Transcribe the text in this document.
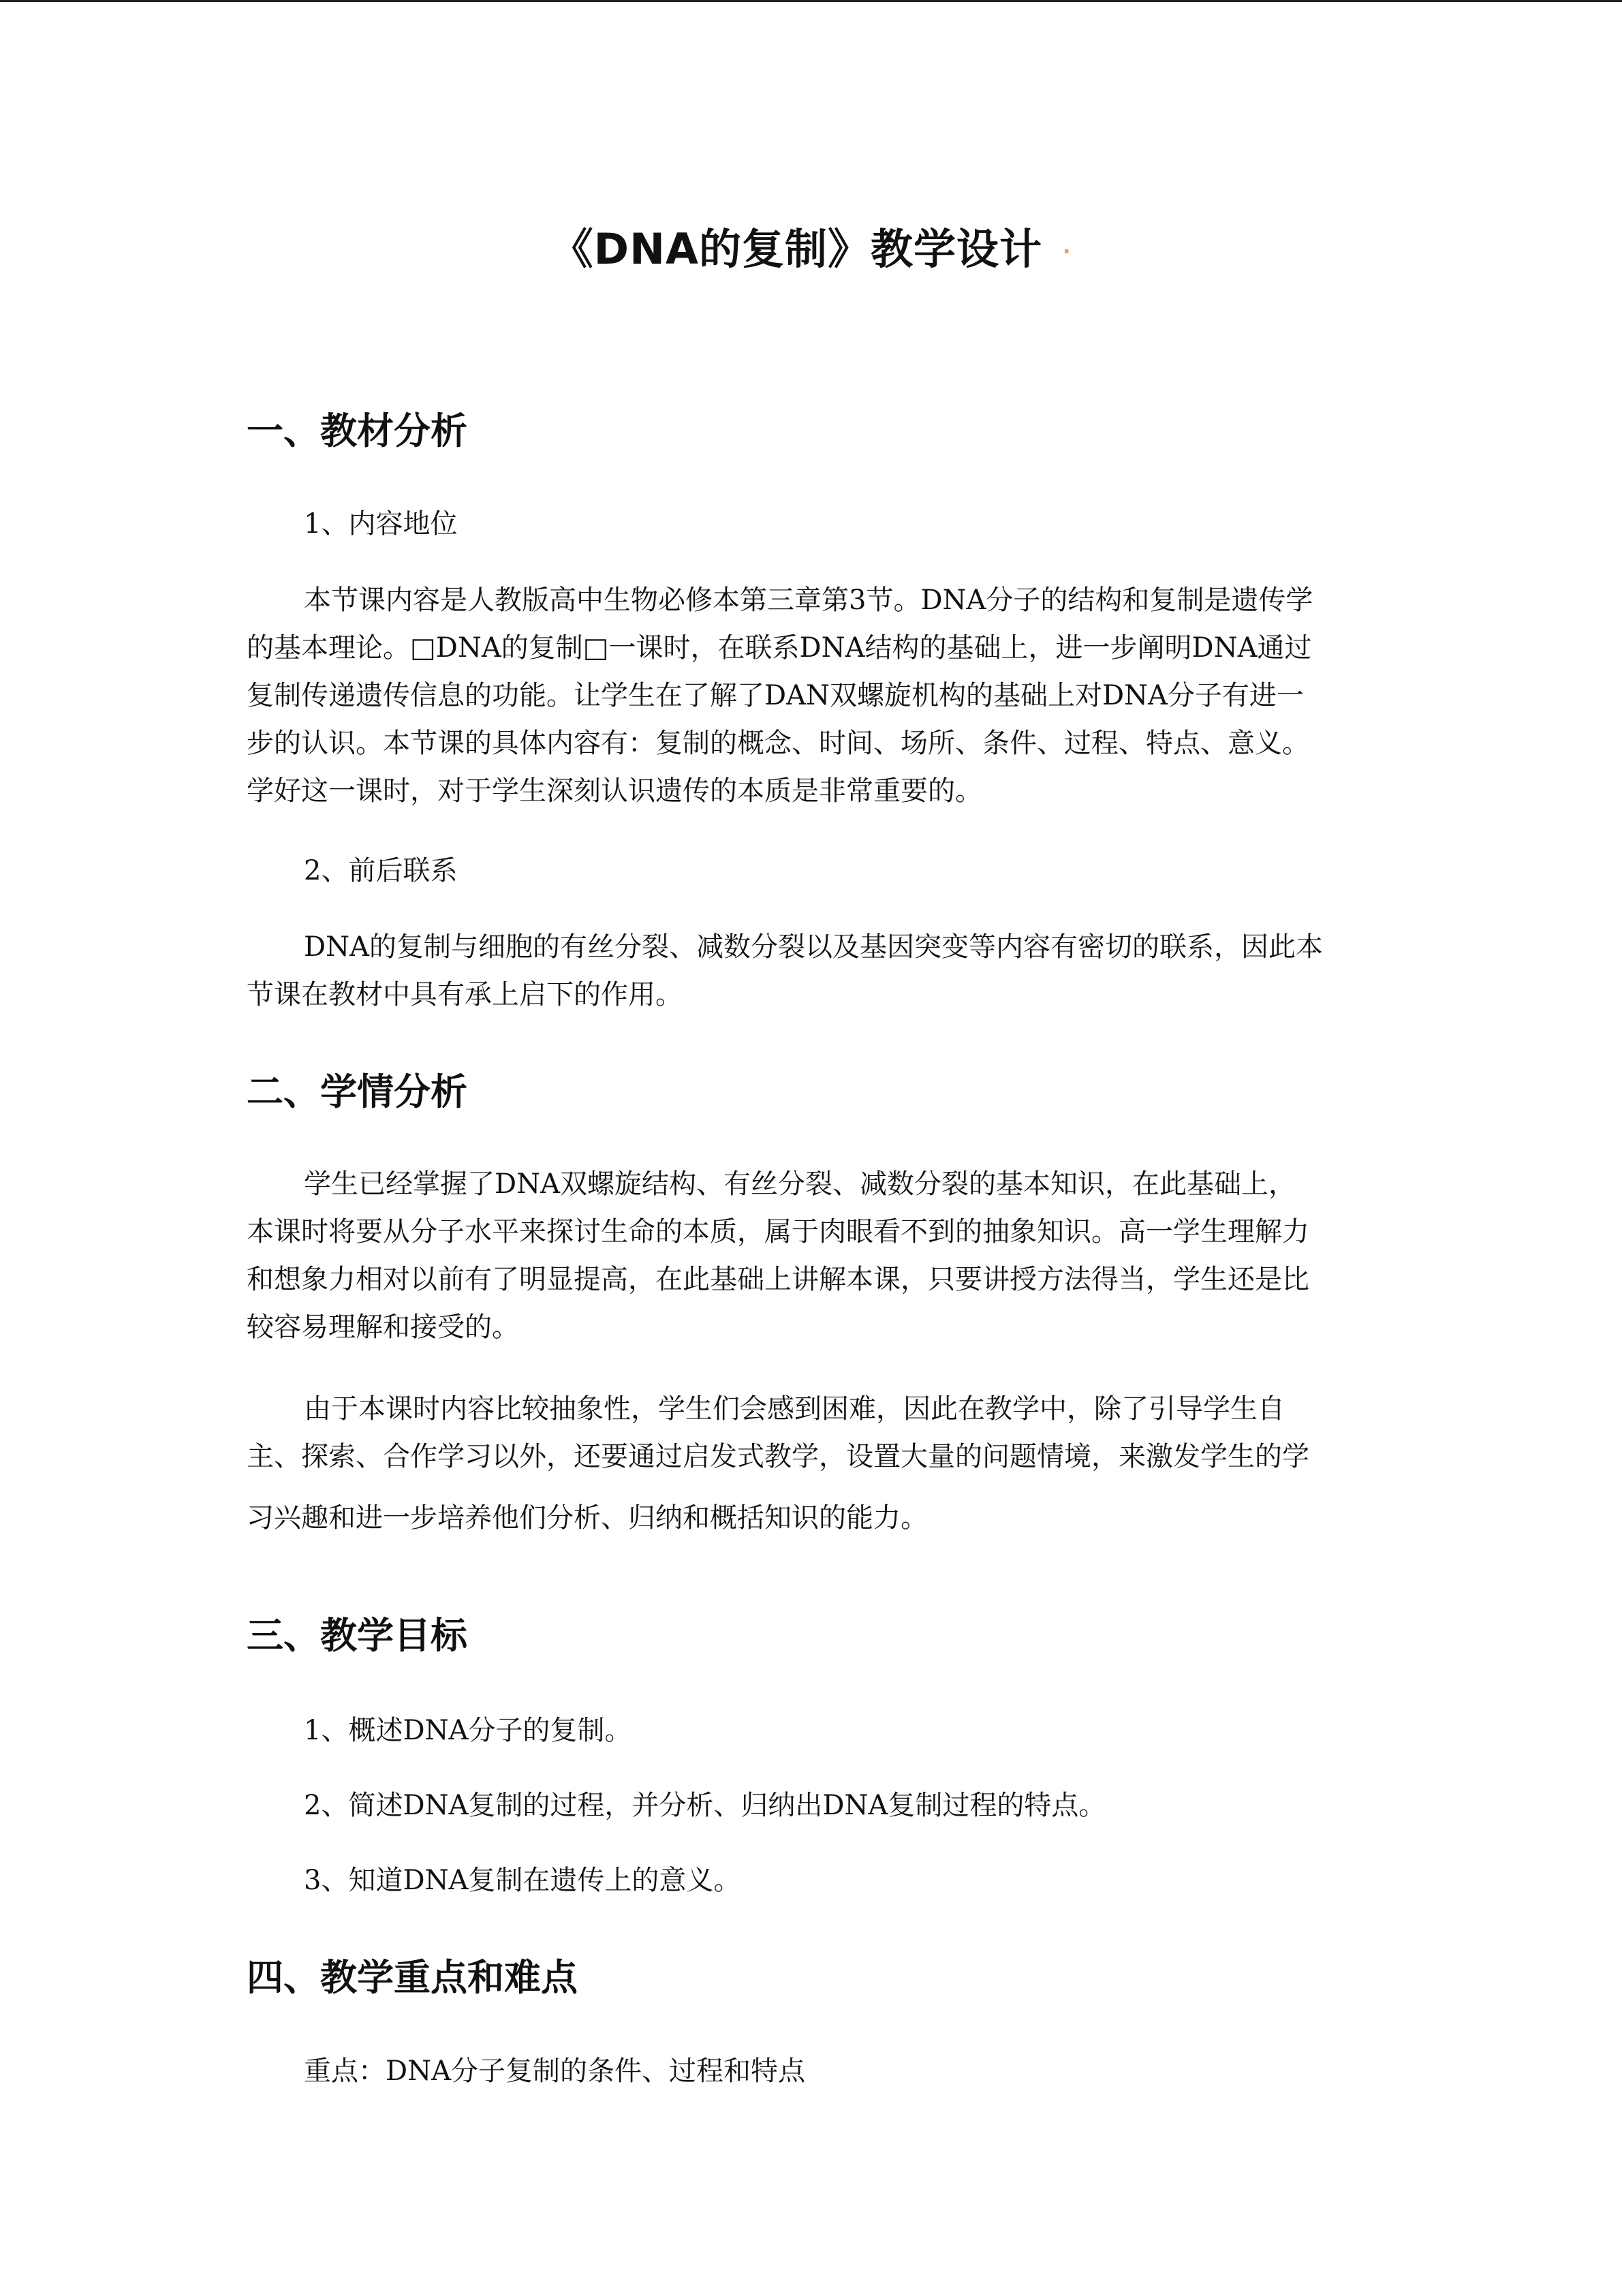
《DNA的复制》教学设计 ·
一、教材分析
1、内容地位
本节课内容是人教版高中生物必修本第三章第3节。DNA分子的结构和复制是遗传学
的基本理论。□DNA的复制□一课时，在联系DNA结构的基础上，进一步阐明DNA通过
复制传递遗传信息的功能。让学生在了解了DAN双螺旋机构的基础上对DNA分子有进一
步的认识。本节课的具体内容有：复制的概念、时间、场所、条件、过程、特点、意义。
学好这一课时，对于学生深刻认识遗传的本质是非常重要的。
2、前后联系
DNA的复制与细胞的有丝分裂、减数分裂以及基因突变等内容有密切的联系，因此本
节课在教材中具有承上启下的作用。
二、学情分析
学生已经掌握了DNA双螺旋结构、有丝分裂、减数分裂的基本知识，在此基础上，
本课时将要从分子水平来探讨生命的本质，属于肉眼看不到的抽象知识。高一学生理解力
和想象力相对以前有了明显提高，在此基础上讲解本课，只要讲授方法得当，学生还是比
较容易理解和接受的。
由于本课时内容比较抽象性，学生们会感到困难，因此在教学中，除了引导学生自
主、探索、合作学习以外，还要通过启发式教学，设置大量的问题情境，来激发学生的学
习兴趣和进一步培养他们分析、归纳和概括知识的能力。
三、教学目标
1、概述DNA分子的复制。
2、简述DNA复制的过程，并分析、归纳出DNA复制过程的特点。
3、知道DNA复制在遗传上的意义。
四、教学重点和难点
重点：DNA分子复制的条件、过程和特点
